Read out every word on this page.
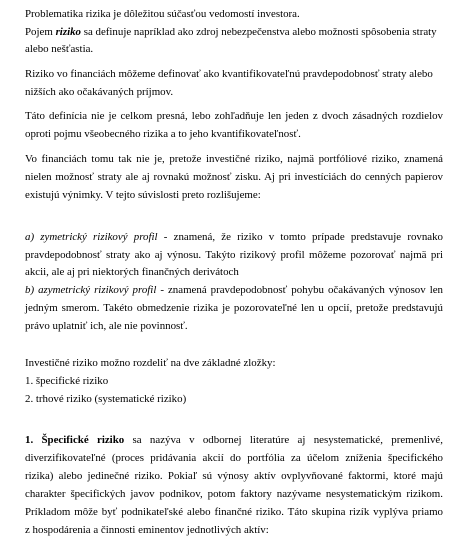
Problematika rizika je dôležitou súčasťou vedomostí investora.
Pojem riziko sa definuje napríklad ako zdroj nebezpečenstva alebo možnosti spôsobenia straty
alebo nešťastia.
Riziko vo financiách môžeme definovať ako kvantifikovateľnú pravdepodobnosť straty alebo
nižších ako očakávaných príjmov.
Táto definícia nie je celkom presná, lebo zohľadňuje len jeden z dvoch zásadných rozdielov
oproti pojmu všeobecného rizika a to jeho kvantifikovateľnosť.
Vo financiách tomu tak nie je, pretože investičné riziko, najmä portfóliové riziko, znamená
nielen možnosť straty ale aj rovnakú možnosť zisku. Aj pri investíciách do cenných papierov
existujú výnimky. V tejto súvislosti preto rozlišujeme:
a) zymetrický rizikový profil - znamená, že riziko v tomto prípade predstavuje rovnako
pravdepodobnosť straty ako aj výnosu. Takýto rizikový profil môžeme pozorovať najmä pri
akcii, ale aj pri niektorých finančných derivátoch
b) azymetrický rizikový profil - znamená pravdepodobnosť pohybu očakávaných výnosov len
jedným smerom. Takéto obmedzenie rizika je pozorovateľné len u opcií, pretože predstavujú
právo uplatniť ich, ale nie povinnosť.
Investičné riziko možno rozdeliť na dve základné zložky:
1. špecifické riziko
2. trhové riziko (systematické riziko)
1. Špecifické riziko sa nazýva v odbornej literatúre aj nesystematické, premenlivé,
diverzifikovateľné (proces pridávania akcií do portfólia za účelom zníženia špecifického
rizika) alebo jedinečné riziko. Pokiaľ sú výnosy aktív ovplyvňované faktormi, ktoré majú
charakter špecifických javov podnikov, potom faktory nazývame nesystematickým rizikom.
Príkladom môže byť podnikateľské alebo finančné riziko. Táto skupina rizík vyplýva priamo
z hospodárenia a činnosti eminentov jednotlivých aktív:
